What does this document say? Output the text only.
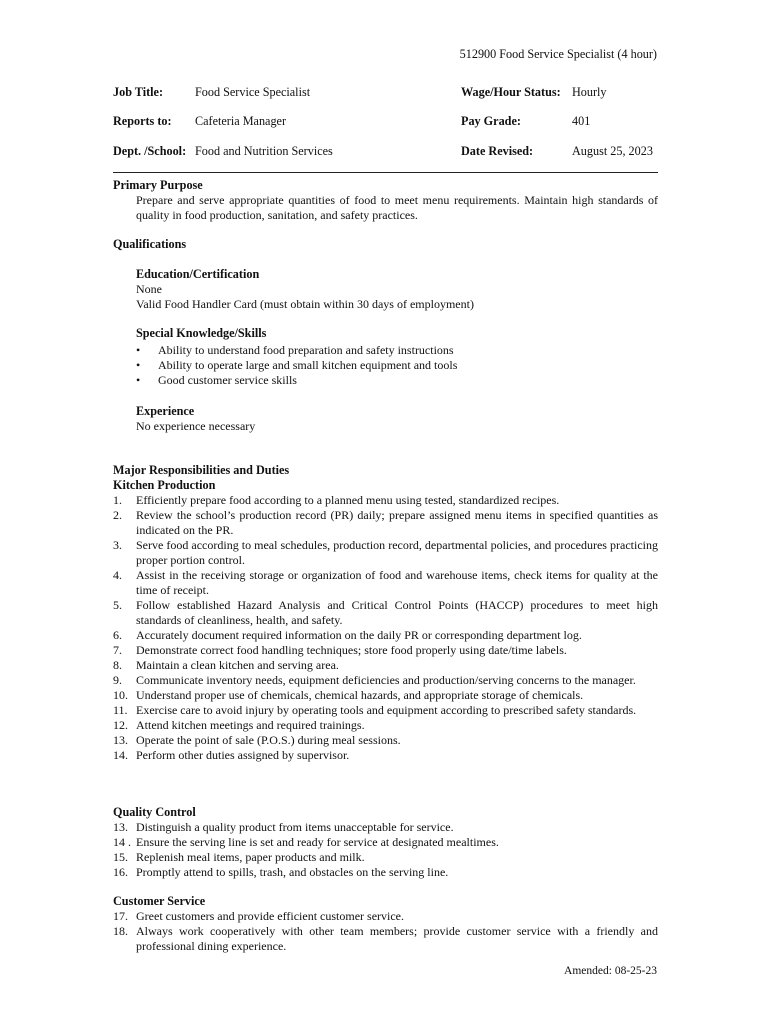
512900 Food Service Specialist (4 hour)
Job Title:	Food Service Specialist
Reports to: Cafeteria Manager
Dept. /School: Food and Nutrition Services
Wage/Hour Status: Hourly
Pay Grade:	401
Date Revised:	August 25, 2023
Primary Purpose
Prepare and serve appropriate quantities of food to meet menu requirements. Maintain high standards of quality in food production, sanitation, and safety practices.
Qualifications
Education/Certification
None
Valid Food Handler Card (must obtain within 30 days of employment)
Special Knowledge/Skills
• Ability to understand food preparation and safety instructions
• Ability to operate large and small kitchen equipment and tools
• Good customer service skills
Experience
No experience necessary
Major Responsibilities and Duties
Kitchen Production
1. Efficiently prepare food according to a planned menu using tested, standardized recipes.
2. Review the school’s production record (PR) daily; prepare assigned menu items in specified quantities as indicated on the PR.
3. Serve food according to meal schedules, production record, departmental policies, and procedures practicing proper portion control.
4. Assist in the receiving storage or organization of food and warehouse items, check items for quality at the time of receipt.
5. Follow established Hazard Analysis and Critical Control Points (HACCP) procedures to meet high standards of cleanliness, health, and safety.
6. Accurately document required information on the daily PR or corresponding department log.
7. Demonstrate correct food handling techniques; store food properly using date/time labels.
8. Maintain a clean kitchen and serving area.
9. Communicate inventory needs, equipment deficiencies and production/serving concerns to the manager.
10. Understand proper use of chemicals, chemical hazards, and appropriate storage of chemicals.
11. Exercise care to avoid injury by operating tools and equipment according to prescribed safety standards.
12. Attend kitchen meetings and required trainings.
13. Operate the point of sale (P.O.S.) during meal sessions.
14. Perform other duties assigned by supervisor.
Quality Control
13. Distinguish a quality product from items unacceptable for service.
14 . Ensure the serving line is set and ready for service at designated mealtimes.
15. Replenish meal items, paper products and milk.
16. Promptly attend to spills, trash, and obstacles on the serving line.
Customer Service
17. Greet customers and provide efficient customer service.
18. Always work cooperatively with other team members; provide customer service with a friendly and professional dining experience.
Amended: 08-25-23
